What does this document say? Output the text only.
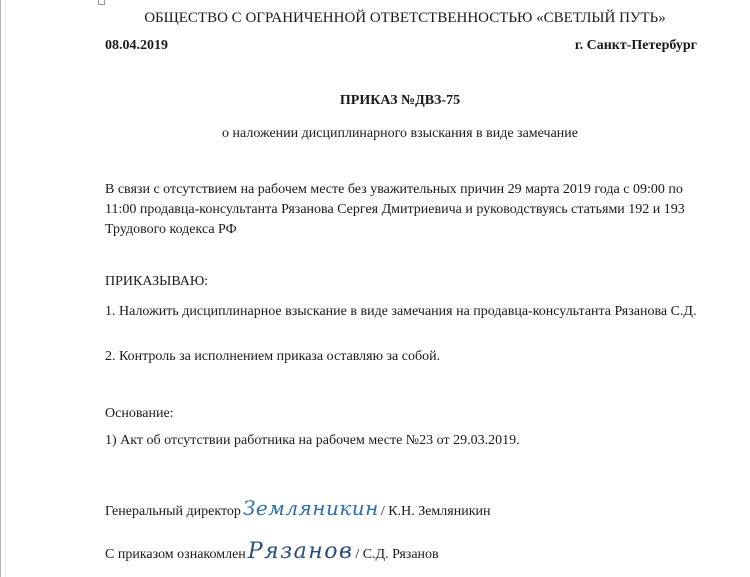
ОБЩЕСТВО С ОГРАНИЧЕННОЙ ОТВЕТСТВЕННОСТЬЮ «СВЕТЛЫЙ ПУТЬ»
08.04.2019	г. Санкт-Петербург
ПРИКАЗ №ДВЗ-75
о наложении дисциплинарного взыскания в виде замечание
В связи с отсутствием на рабочем месте без уважительных причин 29 марта 2019 года с 09:00 по 11:00 продавца-консультанта Рязанова Сергея Дмитриевича и руководствуясь статьями 192 и 193 Трудового кодекса РФ
ПРИКАЗЫВАЮ:
1. Наложить дисциплинарное взыскание в виде замечания на продавца-консультанта Рязанова С.Д.
2. Контроль за исполнением приказа оставляю за собой.
Основание:
1) Акт об отсутствии работника на рабочем месте №23 от 29.03.2019.
Генеральный директор Земляникин / К.Н. Земляникин
С приказом ознакомлен Рязанов / С.Д. Рязанов
